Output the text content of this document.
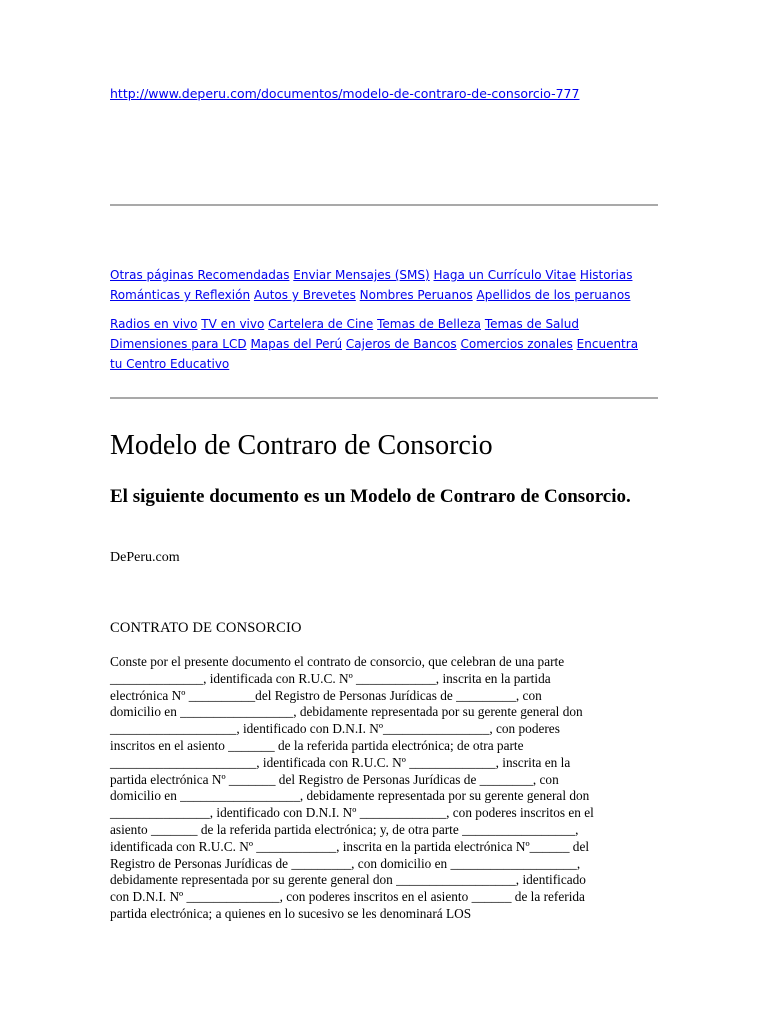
http://www.deperu.com/documentos/modelo-de-contraro-de-consorcio-777
Otras páginas Recomendadas Enviar Mensajes (SMS) Haga un Currículo Vitae Historias Románticas y Reflexión Autos y Brevetes Nombres Peruanos Apellidos de los peruanos
Radios en vivo TV en vivo Cartelera de Cine Temas de Belleza Temas de Salud Dimensiones para LCD Mapas del Perú Cajeros de Bancos Comercios zonales Encuentra tu Centro Educativo
Modelo de Contraro de Consorcio
El siguiente documento es un Modelo de Contraro de Consorcio.
DePeru.com
CONTRATO DE CONSORCIO
Conste por el presente documento el contrato de consorcio, que celebran de una parte
______________, identificada con R.U.C. Nº ____________, inscrita en la partida
electrónica Nº __________del Registro de Personas Jurídicas de _________, con
domicilio en _________________, debidamente representada por su gerente general don
___________________, identificado con D.N.I. Nº________________, con poderes
inscritos en el asiento _______ de la referida partida electrónica; de otra parte
______________________, identificada con R.U.C. Nº _____________, inscrita en la
partida electrónica Nº _______ del Registro de Personas Jurídicas de ________, con
domicilio en __________________, debidamente representada por su gerente general don
_______________, identificado con D.N.I. Nº _____________, con poderes inscritos en el
asiento _______ de la referida partida electrónica; y, de otra parte _________________,
identificada con R.U.C. Nº ____________, inscrita en la partida electrónica Nº______ del
Registro de Personas Jurídicas de _________, con domicilio en ___________________,
debidamente representada por su gerente general don __________________, identificado
con D.N.I. Nº ______________, con poderes inscritos en el asiento ______ de la referida
partida electrónica; a quienes en lo sucesivo se les denominará LOS
